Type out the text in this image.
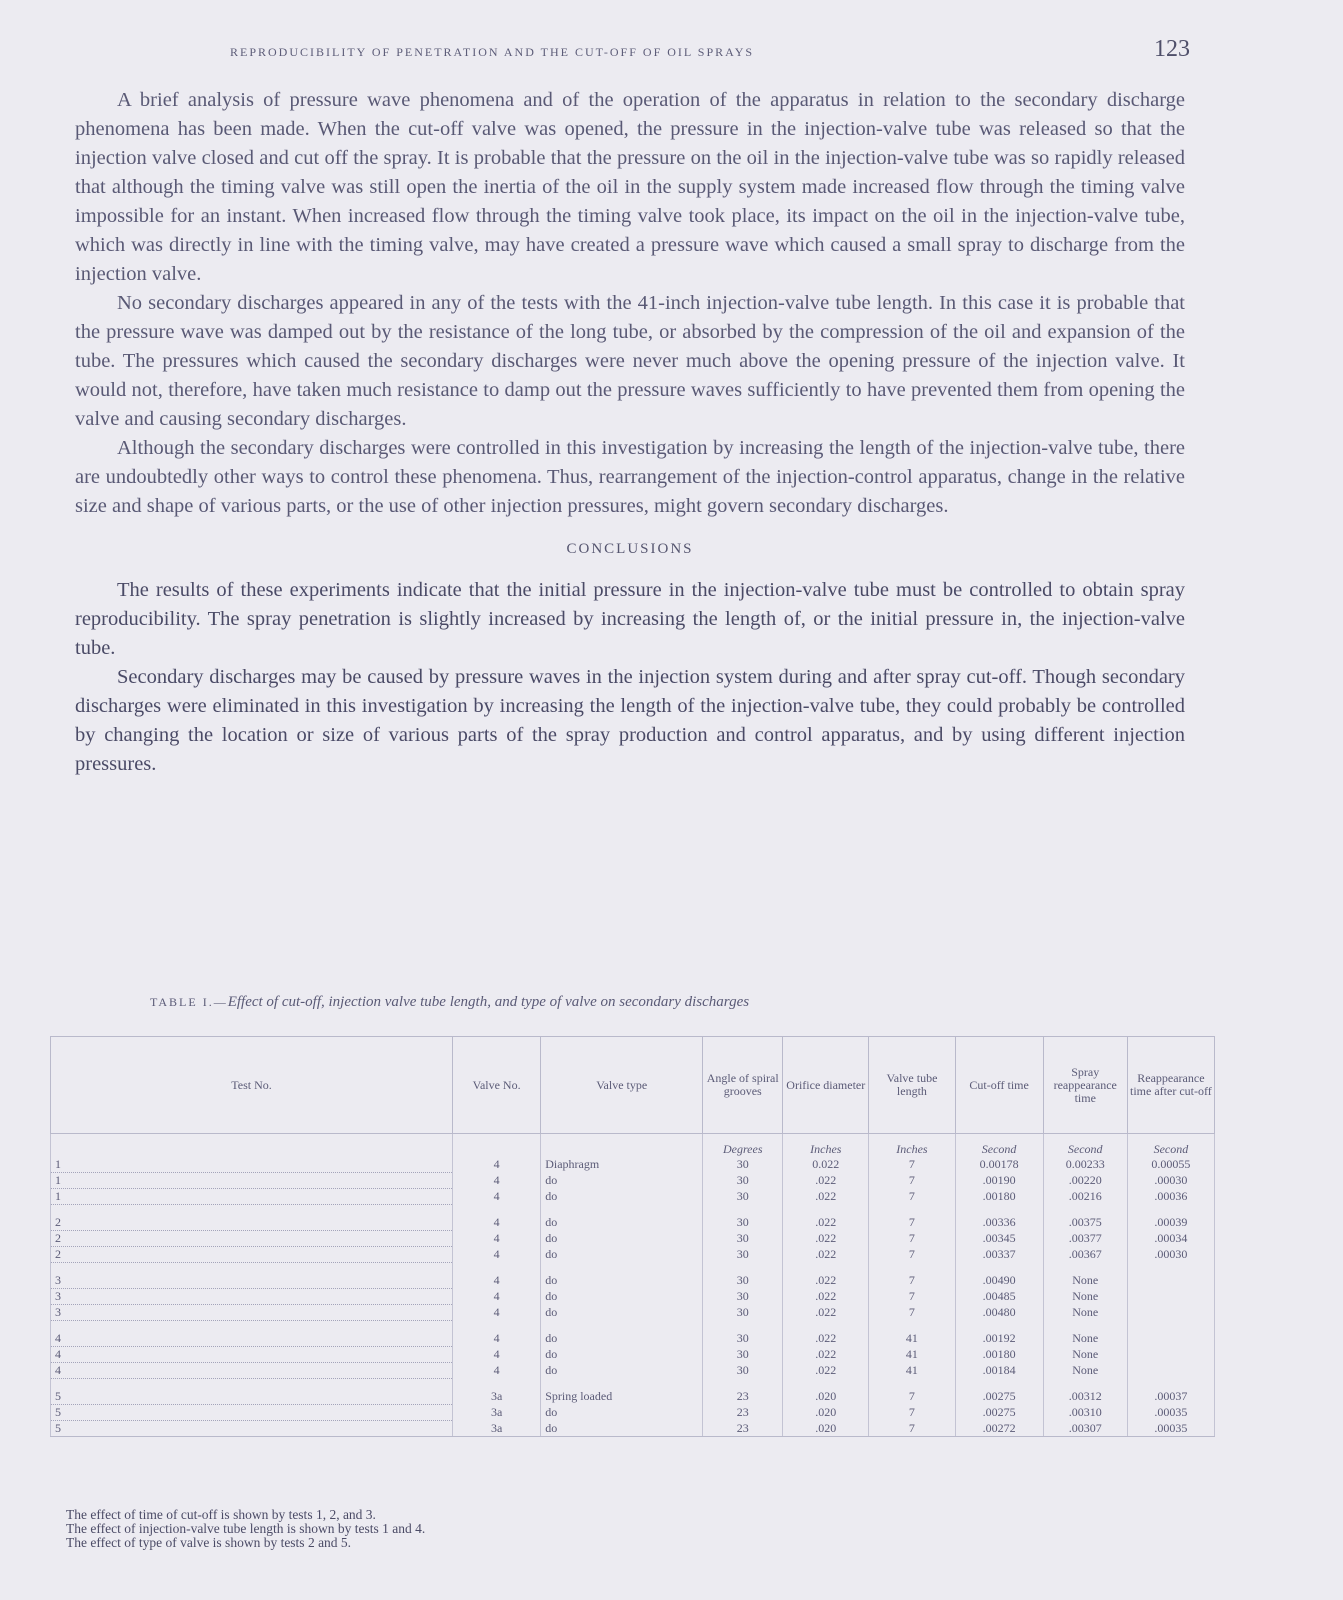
REPRODUCIBILITY OF PENETRATION AND THE CUT-OFF OF OIL SPRAYS	123

A brief analysis of pressure wave phenomena and of the operation of the apparatus in relation to the secondary discharge phenomena has been made. When the cut-off valve was opened, the pressure in the injection-valve tube was released so that the injection valve closed and cut off the spray. It is probable that the pressure on the oil in the injection-valve tube was so rapidly released that although the timing valve was still open the inertia of the oil in the supply system made increased flow through the timing valve impossible for an instant. When increased flow through the timing valve took place, its impact on the oil in the injection-valve tube, which was directly in line with the timing valve, may have created a pressure wave which caused a small spray to discharge from the injection valve.

No secondary discharges appeared in any of the tests with the 41-inch injection-valve tube length. In this case it is probable that the pressure wave was damped out by the resistance of the long tube, or absorbed by the compression of the oil and expansion of the tube. The pressures which caused the secondary discharges were never much above the opening pressure of the injection valve. It would not, therefore, have taken much resistance to damp out the pressure waves sufficiently to have prevented them from opening the valve and causing secondary discharges.

Although the secondary discharges were controlled in this investigation by increasing the length of the injection-valve tube, there are undoubtedly other ways to control these phenomena. Thus, rearrangement of the injection-control apparatus, change in the relative size and shape of various parts, or the use of other injection pressures, might govern secondary discharges.

CONCLUSIONS

The results of these experiments indicate that the initial pressure in the injection-valve tube must be controlled to obtain spray reproducibility. The spray penetration is slightly increased by increasing the length of, or the initial pressure in, the injection-valve tube.

Secondary discharges may be caused by pressure waves in the injection system during and after spray cut-off. Though secondary discharges were eliminated in this investigation by increasing the length of the injection-valve tube, they could probably be controlled by changing the location or size of various parts of the spray production and control apparatus, and by using different injection pressures.

TABLE I.—Effect of cut-off, injection valve tube length, and type of valve on secondary discharges
Test No.	Valve No.	Valve type	Angle of spiral grooves	Orifice diameter	Valve tube length	Cut-off time	Spray reappearance time	Reappearance time after cut-off
			Degrees	Inches	Inches	Second	Second	Second
1	4	Diaphragm	30	0.022	7	0.00178	0.00233	0.00055
1	4	do	30	.022	7	.00190	.00220	.00030
1	4	do	30	.022	7	.00180	.00216	.00036

2	4	do	30	.022	7	.00336	.00375	.00039
2	4	do	30	.022	7	.00345	.00377	.00034
2	4	do	30	.022	7	.00337	.00367	.00030

3	4	do	30	.022	7	.00490	None	
3	4	do	30	.022	7	.00485	None	
3	4	do	30	.022	7	.00480	None	

4	4	do	30	.022	41	.00192	None	
4	4	do	30	.022	41	.00180	None	
4	4	do	30	.022	41	.00184	None	

5	3a	Spring loaded	23	.020	7	.00275	.00312	.00037
5	3a	do	23	.020	7	.00275	.00310	.00035
5	3a	do	23	.020	7	.00272	.00307	.00035
The effect of time of cut-off is shown by tests 1, 2, and 3.
The effect of injection-valve tube length is shown by tests 1 and 4.
The effect of type of valve is shown by tests 2 and 5.
